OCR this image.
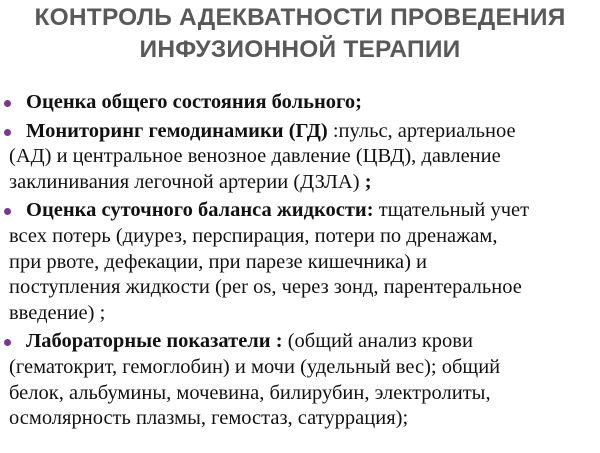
КОНТРОЛЬ АДЕКВАТНОСТИ ПРОВЕДЕНИЯ
ИНФУЗИОННОЙ ТЕРАПИИ
Оценка общего состояния больного;
Мониторинг гемодинамики (ГД) :пульс, артериальное
(АД) и центральное венозное давление (ЦВД), давление
заклинивания легочной артерии (ДЗЛА) ;
Оценка суточного баланса жидкости: тщательный учет
всех потерь (диурез, перспирация, потери по дренажам,
при рвоте, дефекации, при парезе кишечника) и
поступления жидкости (per os, через зонд, парентеральное
введение) ;
Лабораторные показатели : (общий анализ крови
(гематокрит, гемоглобин) и мочи (удельный вес); общий
белок, альбумины, мочевина, билирубин, электролиты,
осмолярность плазмы, гемостаз, сатуррация);
